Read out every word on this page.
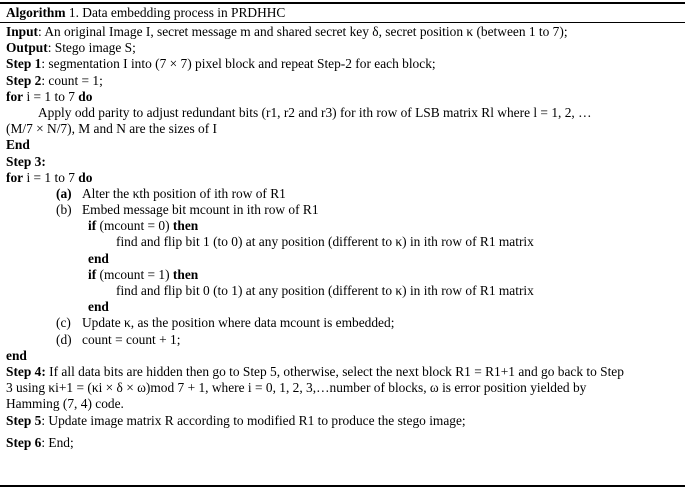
Algorithm 1. Data embedding process in PRDHHC
Input: An original Image I, secret message m and shared secret key δ, secret position κ (between 1 to 7);
Output: Stego image S;
Step 1: segmentation I into (7 × 7) pixel block and repeat Step-2 for each block;
Step 2: count = 1;
for i = 1 to 7 do
Apply odd parity to adjust redundant bits (r1, r2 and r3) for ith row of LSB matrix Rl where l = 1, 2, …
(M/7 × N/7), M and N are the sizes of I
End
Step 3:
for i = 1 to 7 do
(a) Alter the κth position of ith row of R1
(b) Embed message bit mcount in ith row of R1
if (mcount = 0) then
find and flip bit 1 (to 0) at any position (different to κ) in ith row of R1 matrix
end
if (mcount = 1) then
find and flip bit 0 (to 1) at any position (different to κ) in ith row of R1 matrix
end
(c) Update κ, as the position where data mcount is embedded;
(d) count = count + 1;
end
Step 4: If all data bits are hidden then go to Step 5, otherwise, select the next block R1 = R1+1 and go back to Step
3 using κi+1 = (κi × δ × ω)mod 7 + 1, where i = 0, 1, 2, 3,…number of blocks, ω is error position yielded by
Hamming (7, 4) code.
Step 5: Update image matrix R according to modified R1 to produce the stego image;
Step 6: End;
